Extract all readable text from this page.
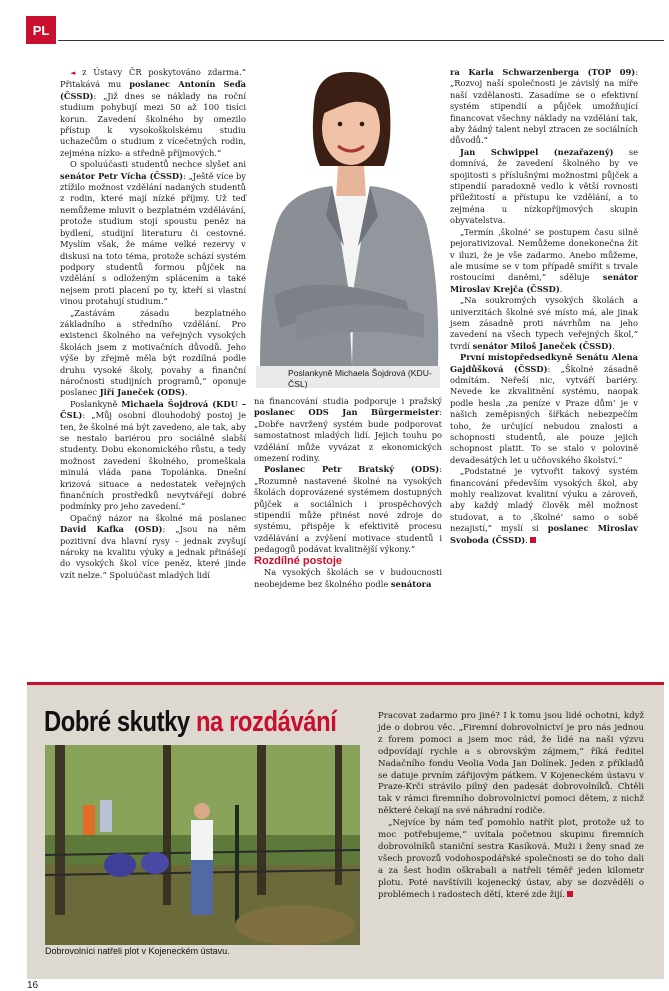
PL

◄ z Ústavy ČR poskytováno zdarma.“ Přitakává mu poslanec Antonín Seďa (ČSSD): „Již dnes se náklady na roční studium pohybují mezi 50 až 100 tisíci korun. Zavedení školného by omezilo přístup k vysokoškolskému studiu uchazečům o studium z vícečetných rodin, zejména nízko- a středně příjmových.“

O spoluúčasti studentů nechce slyšet ani senátor Petr Vícha (ČSSD): „Ještě více by ztížilo možnost vzdělání nadaných studentů z rodin, které mají nízké příjmy. Už teď nemůžeme mluvit o bezplatném vzdělávání, protože studium stojí spoustu peněz na bydlení, studijní literaturu či cestovné. Myslím však, že máme velké rezervy v diskusi na toto téma, protože schází systém podpory studentů formou půjček na vzdělání s odloženým splácením a také nejsem proti placení po ty, kteří si vlastní vinou protahují studium.“

„Zastávám zásadu bezplatného základního a středního vzdělání. Pro existenci školného na veřejných vysokých školách jsem z motivačních důvodů. Jeho výše by zřejmě měla být rozdílná podle druhu vysoké školy, povahy a finanční náročnosti studijních programů,“ oponuje poslanec Jiří Janeček (ODS).

Poslankyně Michaela Šojdrová (KDU – ČSL): „Můj osobní dlouhodobý postoj je ten, že školné má být zavedeno, ale tak, aby se nestalo bariérou pro sociálně slabší studenty. Dobu ekonomického růstu, a tedy možnost zavedení školného, promeškala minulá vláda pana Topolánka. Dnešní krizová situace a nedostatek veřejných finančních prostředků nevytvářejí dobré podmínky pro jeho zavedení.“

Opačný názor na školné má poslanec David Kafka (OSD): „Jsou na něm pozitivní dva hlavní rysy – jednak zvyšují nároky na kvalitu výuky a jednak přinášejí do vysokých škol více peněz, které jinde vzít nelze.“ Spoluúčast mladých lidí

Poslankyně Michaela Šojdrová (KDU-ČSL)

na financování studia podporuje i pražský poslanec ODS Jan Bürgermeister: „Dobře navržený systém bude podporovat samostatnost mladých lidí. Jejich touhu po vzdělání může vyvázat z ekonomických omezení rodiny.

Poslanec Petr Bratský (ODS): „Rozumně nastavené školné na vysokých školách doprovázené systémem dostupných půjček a sociálních i prospěchových stipendií může přinést nové zdroje do systému, přispěje k efektivitě procesu vzdělávání a zvýšení motivace studentů i pedagogů podávat kvalitnější výkony.“

Rozdílné postoje

Na vysokých školách se v budoucnosti neobejdeme bez školného podle senátora

ra Karla Schwarzenberga (TOP 09): „Rozvoj naší společnosti je závislý na míře naší vzdělanosti. Zasadíme se o efektivní systém stipendií a půjček umožňující financovat všechny náklady na vzdělání tak, aby žádný talent nebyl ztracen ze sociálních důvodů.“

Jan Schwippel (nezařazený) se domnívá, že zavedení školného by ve spojitosti s příslušnými možnostmi půjček a stipendií paradoxně vedlo k větší rovnosti příležitostí a přístupu ke vzdělání, a to zejména u nízkopříjmových skupin obyvatelstva.

„Termín ‚školné‘ se postupem času silně pejorativizoval. Nemůžeme donekonečna žít v iluzi, že je vše zadarmo. Anebo můžeme, ale musíme se v tom případě smířit s trvale rostoucími daněmi,“ sděluje senátor Miroslav Krejča (ČSSD).

„Na soukromých vysokých školách a univerzitách školné své místo má, ale jinak jsem zásadně proti návrhům na jeho zavedení na všech typech veřejných škol,“ tvrdí senátor Miloš Janeček (ČSSD).

První místopředsedkyně Senátu Alena Gajdůšková (ČSSD): „Školné zásadně odmítám. Neřeší nic, vytváří bariéry. Nevede ke zkvalitnění systému, naopak podle hesla ‚za peníze v Praze dům‘ je v našich zeměpisných šířkách nebezpečím toho, že určující nebudou znalosti a schopnosti studentů, ale pouze jejich schopnost platit. To se stalo v polovině devadesátých let u učňovského školství.“

„Podstatné je vytvořit takový systém financování především vysokých škol, aby mohly realizovat kvalitní výuku a zároveň, aby každý mladý člověk měl možnost studovat, a to ‚školné‘ samo o sobě nezajistí,“ myslí si poslanec Miroslav Svoboda (ČSSD).

Dobré skutky na rozdávání
Dobrovolníci natřeli plot v Kojeneckém ústavu.

Pracovat zadarmo pro jiné? I k tomu jsou lidé ochotni, když jde o dobrou věc. „Firemní dobrovolnictví je pro nás jednou z forem pomoci a jsem moc rád, že lidé na naši výzvu odpovídají rychle a s obrovským zájmem,“ říká ředitel Nadačního fondu Veolia Voda Jan Dolínek. Jeden z příkladů se datuje prvním zářijovým pátkem. V Kojeneckém ústavu v Praze-Krči strávilo pilný den padesát dobrovolníků. Chtěli tak v rámci firemního dobrovolnictví pomoci dětem, z nichž některé čekají na své náhradní rodiče.

„Nejvíce by nám teď pomohlo natřít plot, protože už to moc potřebujeme,“ uvítala početnou skupinu firemních dobrovolníků staniční sestra Kasíková. Muži i ženy snad ze všech provozů vodohospodářské společnosti se do toho dali a za šest hodin oškrabali a natřeli téměř jeden kilometr plotu. Poté navštívili kojenecký ústav, aby se dozvěděli o problémech i radostech dětí, které zde žijí.

16
